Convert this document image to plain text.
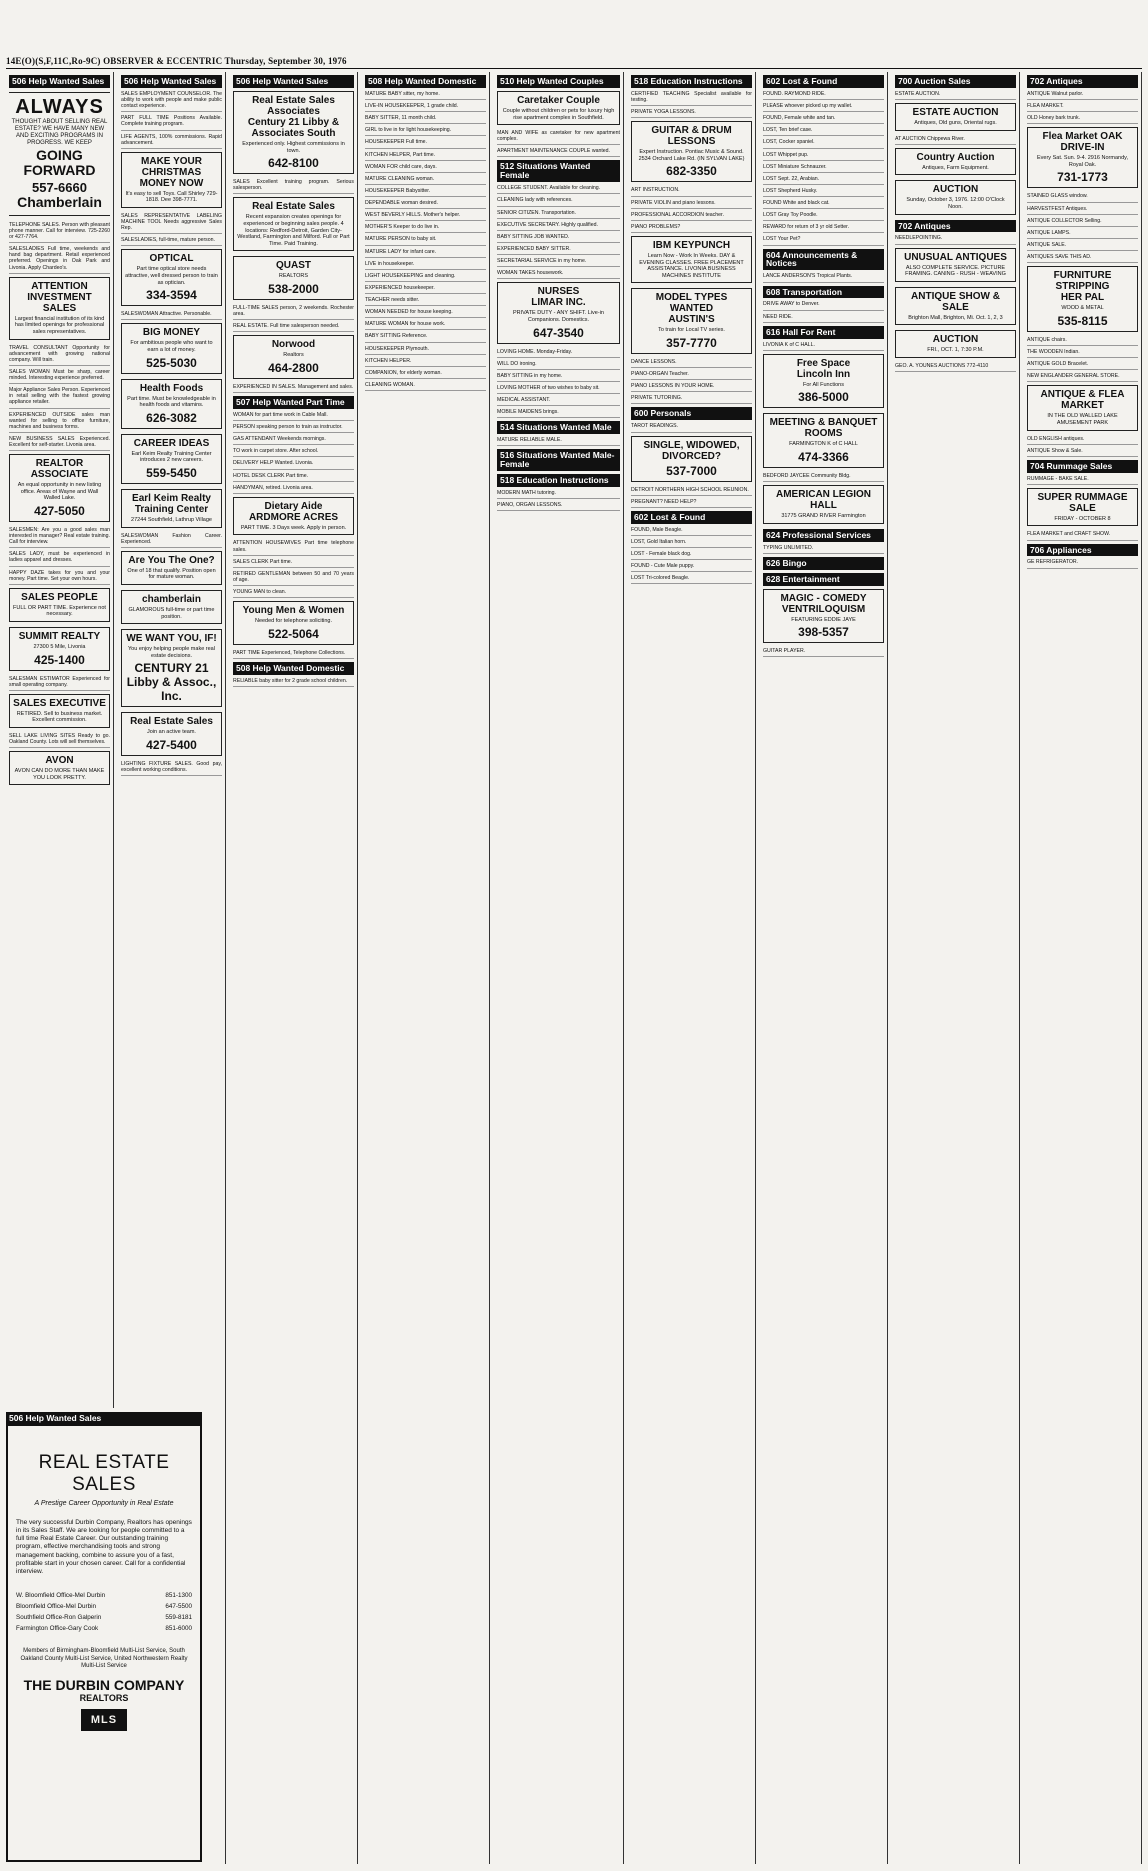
14E(O)(S,F,11C,Ro-9C) OBSERVER & ECCENTRIC Thursday, September 30, 1976
506 Help Wanted Sales
ALWAYS
THOUGHT ABOUT SELLING REAL ESTATE? WE HAVE MANY NEW AND EXCITING PROGRAMS IN PROGRESS. WE KEEP
GOING FORWARD
557-6660
Chamberlain
TELEPHONE SALES. Person with pleasant phone manner. Call for interview. 725-2260 or 427-7764.
SALESLADIES Full time, weekends and hand bag department. Retail experienced preferred. Openings in Oak Park and Livonia. Apply Chardeo's.
ATTENTION INVESTMENT SALES
Largest financial institution of its kind has limited openings for professional sales representatives.
TRAVEL CONSULTANT Opportunity for advancement with growing national company. Will train.
SALES WOMAN Must be sharp, career minded. Interesting experience preferred.
Major Appliance Sales Person. Experienced in retail selling with the fastest growing appliance retailer.
EXPERIENCED OUTSIDE sales man wanted for selling to office furniture, machines and business forms.
NEW BUSINESS SALES Experienced. Excellent for self-starter. Livonia area.
REALTOR ASSOCIATE
An equal opportunity in new listing office. Areas of Wayne and Wall Walled Lake.
427-5050
SALESMEN: Are you a good sales man interested in manager? Real estate training. Call for interview.
SALES LADY, must be experienced in ladies apparel and dresses.
HAPPY DAZE takes for you and your money. Part time. Set your own hours.
SALES PEOPLE
FULL OR PART TIME. Experience not necessary.
SUMMIT REALTY
27300 5 Mile, Livonia
425-1400
SALESMAN ESTIMATOR Experienced for small operating company.
SALES EXECUTIVE
RETIRED. Sell to business market. Excellent commission.
SELL LAKE LIVING SITES Ready to go. Oakland County. Lots will sell themselves.
AVON
AVON CAN DO MORE THAN MAKE YOU LOOK PRETTY.
506 Help Wanted Sales
SALES EMPLOYMENT COUNSELOR. The ability to work with people and make public contact experience.
PART FULL TIME Positions Available. Complete training program.
LIFE AGENTS, 100% commissions. Rapid advancement.
MAKE YOUR CHRISTMAS MONEY NOW
It's easy to sell Toys. Call Shirley 729-1818. Dee 398-7771.
SALES REPRESENTATIVE LABELING MACHINE TOOL Needs aggressive Sales Rep.
SALESLADIES, full-time, mature person.
OPTICAL
Part time optical store needs attractive, well dressed person to train as optician.
334-3594
SALESWOMAN Attractive. Personable.
BIG MONEY
For ambitious people who want to earn a lot of money.
525-5030
Health Foods
Part time. Must be knowledgeable in health foods and vitamins.
626-3082
CAREER IDEAS
Earl Keim Realty Training Center introduces 2 new careers.
559-5450
Earl Keim Realty Training Center
27244 Southfield, Lathrup Village
SALESWOMAN Fashion Career. Experienced.
Are You The One?
One of 18 that qualify. Position open for mature woman.
chamberlain
GLAMOROUS full-time or part time position.
WE WANT YOU, IF!
You enjoy helping people make real estate decisions.
CENTURY 21 Libby & Assoc., Inc.
Real Estate Sales
Join an active team.
427-5400
LIGHTING FIXTURE SALES. Good pay, excellent working conditions.
506 Help Wanted Sales
Real Estate Sales Associates
Century 21 Libby & Associates South
Experienced only. Highest commissions in town.
642-8100
SALES Excellent training program. Serious salesperson.
Real Estate Sales
Recent expansion creates openings for experienced or beginning sales people. 4 locations: Redford-Detroit, Garden City-Westland, Farmington and Milford. Full or Part Time. Paid Training.
QUAST
REALTORS
538-2000
FULL-TIME SALES person, 2 weekends. Rochester area.
REAL ESTATE. Full time salesperson needed.
Norwood
Realtors
464-2800
EXPERIENCED IN SALES. Management and sales.
507 Help Wanted Part Time
WOMAN for part time work in Cable Mall.
PERSON speaking person to train as instructor.
GAS ATTENDANT Weekends mornings.
TO work in carpet store. After school.
DELIVERY HELP Wanted. Livonia.
HOTEL DESK CLERK Part time.
HANDYMAN, retired. Livonia area.
Dietary Aide
ARDMORE ACRES
PART TIME. 3 Days week. Apply in person.
ATTENTION HOUSEWIVES Part time telephone sales.
SALES CLERK Part time.
RETIRED GENTLEMAN between 50 and 70 years of age.
YOUNG MAN to clean.
Young Men & Women
Needed for telephone soliciting.
522-5064
PART TIME Experienced, Telephone Collections.
508 Help Wanted Domestic
RELIABLE baby sitter for 2 grade school children.
508 Help Wanted Domestic
MATURE BABY sitter, my home.
LIVE-IN HOUSEKEEPER, 1 grade child.
BABY SITTER, 11 month child.
GIRL to live in for light housekeeping.
HOUSEKEEPER Full time.
KITCHEN HELPER, Part time.
WOMAN FOR child care, days.
MATURE CLEANING woman.
HOUSEKEEPER Babysitter.
DEPENDABLE woman desired.
WEST BEVERLY HILLS. Mother's helper.
MOTHER'S Keeper to do live in.
MATURE PERSON to baby sit.
MATURE LADY for infant care.
LIVE in housekeeper.
LIGHT HOUSEKEEPING and cleaning.
EXPERIENCED housekeeper.
TEACHER needs sitter.
WOMAN NEEDED for house keeping.
MATURE WOMAN for house work.
BABY SITTING Reference.
HOUSEKEEPER Plymouth.
KITCHEN HELPER.
COMPANION, for elderly woman.
CLEANING WOMAN.
510 Help Wanted Couples
Caretaker Couple
Couple without children or pets for luxury high rise apartment complex in Southfield.
MAN AND WIFE as caretaker for new apartment complex.
APARTMENT MAINTENANCE COUPLE wanted.
512 Situations Wanted Female
COLLEGE STUDENT. Available for cleaning.
CLEANING lady with references.
SENIOR CITIZEN. Transportation.
EXECUTIVE SECRETARY. Highly qualified.
BABY SITTING JOB WANTED.
EXPERIENCED BABY SITTER.
SECRETARIAL SERVICE in my home.
WOMAN TAKES housework.
NURSES
LIMAR INC.
PRIVATE DUTY - ANY SHIFT. Live-in Companions. Domestics.
647-3540
LOVING HOME. Monday-Friday.
WILL DO ironing.
BABY SITTING in my home.
LOVING MOTHER of two wishes to baby sit.
MEDICAL ASSISTANT.
MOBILE MAIDENS brings.
514 Situations Wanted Male
MATURE RELIABLE MALE.
516 Situations Wanted Male-Female
518 Education Instructions
MODERN MATH tutoring.
PIANO, ORGAN LESSONS.
518 Education Instructions
CERTIFIED TEACHING Specialist available for testing.
PRIVATE YOGA LESSONS.
GUITAR & DRUM LESSONS
Expert Instruction. Pontiac Music & Sound. 2534 Orchard Lake Rd. (IN SYLVAN LAKE)
682-3350
ART INSTRUCTION.
PRIVATE VIOLIN and piano lessons.
PROFESSIONAL ACCORDION teacher.
PIANO PROBLEMS?
IBM KEYPUNCH
Learn Now - Work In Weeks. DAY & EVENING CLASSES. FREE PLACEMENT ASSISTANCE. LIVONIA BUSINESS MACHINES INSTITUTE
MODEL TYPES WANTED
AUSTIN'S
To train for Local TV series.
357-7770
DANCE LESSONS.
PIANO-ORGAN Teacher.
PIANO LESSONS IN YOUR HOME.
PRIVATE TUTORING.
600 Personals
TAROT READINGS.
SINGLE, WIDOWED, DIVORCED?
537-7000
DETROIT NORTHERN HIGH SCHOOL REUNION.
PREGNANT? NEED HELP?
602 Lost & Found
FOUND, Male Beagle.
LOST, Gold Italian horn.
LOST - Female black dog.
FOUND - Cute Male puppy.
LOST Tri-colored Beagle.
602 Lost & Found
FOUND. RAYMOND RIDE.
PLEASE whoever picked up my wallet.
FOUND, Female white and tan.
LOST, Ten brief case.
LOST, Cocker spaniel.
LOST Whippet pup.
LOST Miniature Schnauzer.
LOST Sept. 22, Arabian.
LOST Shepherd Husky.
FOUND White and black cat.
LOST Gray Toy Poodle.
REWARD for return of 3 yr old Setter.
LOST Your Pet?
604 Announcements & Notices
LANCE ANDERSON'S Tropical Plants.
608 Transportation
DRIVE AWAY to Denver.
NEED RIDE.
616 Hall For Rent
LIVONIA K of C HALL.
Free Space
Lincoln Inn
For All Functions
386-5000
MEETING & BANQUET ROOMS
FARMINGTON K of C HALL
474-3366
BEDFORD JAYCEE Community Bldg.
AMERICAN LEGION HALL
31775 GRAND RIVER Farmington
624 Professional Services
TYPING UNLIMITED.
626 Bingo
628 Entertainment
MAGIC - COMEDY VENTRILOQUISM
FEATURING EDDIE JAYE
398-5357
GUITAR PLAYER.
700 Auction Sales
ESTATE AUCTION.
ESTATE AUCTION
Antiques, Old guns, Oriental rugs.
AT AUCTION Chippewa River.
Country Auction
Antiques, Farm Equipment.
AUCTION
Sunday, October 3, 1976. 12:00 O'Clock Noon.
702 Antiques
NEEDLEPOINTING.
UNUSUAL ANTIQUES
ALSO COMPLETE SERVICE. PICTURE FRAMING. CANING - RUSH - WEAVING
ANTIQUE SHOW & SALE
Brighton Mall, Brighton, Mi. Oct. 1, 2, 3
AUCTION
FRI., OCT. 1, 7:30 P.M.
GEO. A. YOUNES AUCTIONS 772-4110
702 Antiques
ANTIQUE Walnut parlor.
FLEA MARKET.
OLD Honey bark trunk.
Flea Market OAK DRIVE-IN
Every Sat. Sun. 9-4. 2916 Normandy, Royal Oak.
731-1773
STAINED GLASS window.
HARVESTFEST Antiques.
ANTIQUE COLLECTOR Selling.
ANTIQUE LAMPS.
ANTIQUE SALE.
ANTIQUES SAVE THIS AD.
FURNITURE STRIPPING
HER PAL
WOOD & METAL
535-8115
ANTIQUE chairs.
THE WOODEN Indian.
ANTIQUE GOLD Bracelet.
NEW ENGLANDER GENERAL STORE.
ANTIQUE & FLEA MARKET
IN THE OLD WALLED LAKE AMUSEMENT PARK
OLD ENGLISH antiques.
ANTIQUE Show & Sale.
704 Rummage Sales
RUMMAGE - BAKE SALE.
SUPER RUMMAGE SALE
FRIDAY - OCTOBER 8
FLEA MARKET and CRAFT SHOW.
706 Appliances
GE REFRIGERATOR.
506 Help Wanted Sales
REAL ESTATE SALES
A Prestige Career Opportunity in Real Estate
The very successful Durbin Company, Realtors has openings in its Sales Staff. We are looking for people committed to a full time Real Estate Career. Our outstanding training program, effective merchandising tools and strong management backing, combine to assure you of a fast, profitable start in your chosen career. Call for a confidential interview.
W. Bloomfield Office-Mel Durbin	851-1300
Bloomfield Office-Mel Durbin	647-5500
Southfield Office-Ron Galperin	559-8181
Farmington Office-Gary Cook	851-6000
Members of Birmingham-Bloomfield Multi-List Service, South Oakland County Multi-List Service, United Northwestern Realty Multi-List Service
THE DURBIN COMPANY
REALTORS
MLS
